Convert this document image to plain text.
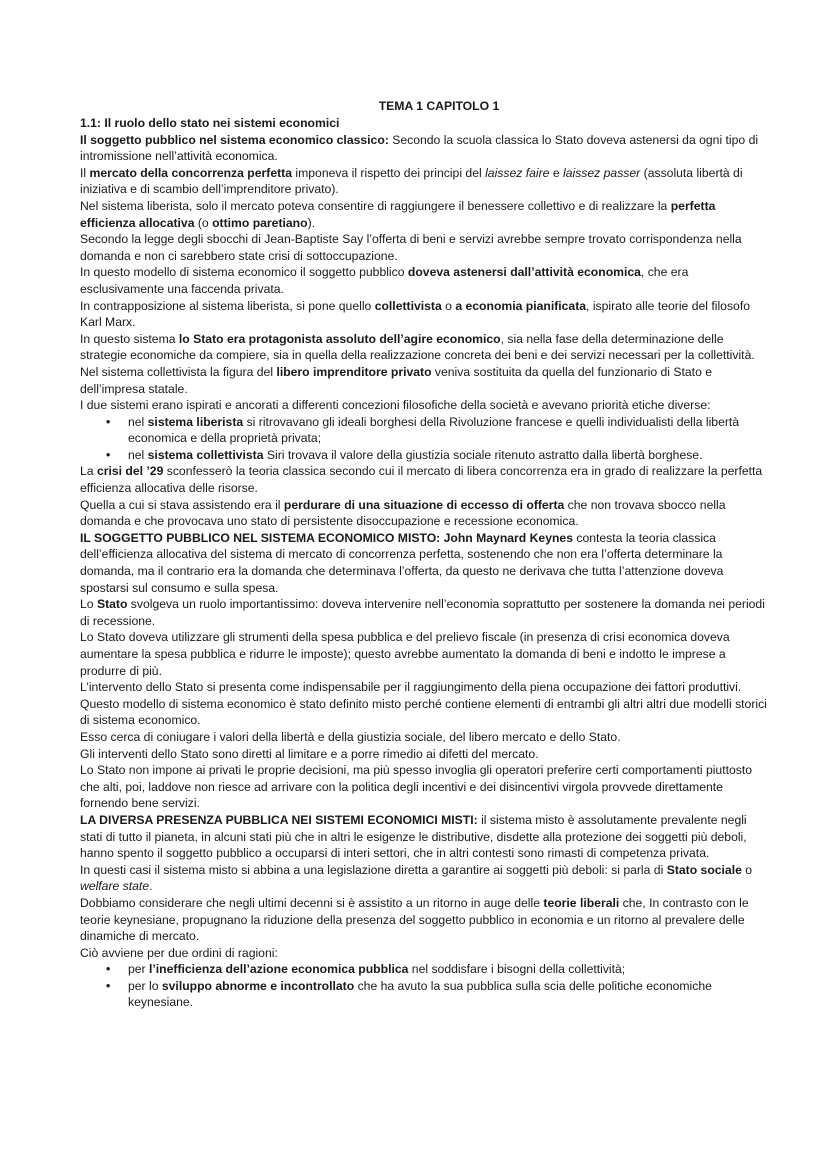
TEMA 1 CAPITOLO 1

1.1: Il ruolo dello stato nei sistemi economici

Il soggetto pubblico nel sistema economico classico: Secondo la scuola classica lo Stato doveva astenersi da ogni tipo di intromissione nell’attività economica.

Il mercato della concorrenza perfetta imponeva il rispetto dei principi del laissez faire e laissez passer (assoluta libertà di iniziativa e di scambio dell’imprenditore privato).

Nel sistema liberista, solo il mercato poteva consentire di raggiungere il benessere collettivo e di realizzare la perfetta efficienza allocativa (o ottimo paretiano).

Secondo la legge degli sbocchi di Jean-Baptiste Say l’offerta di beni e servizi avrebbe sempre trovato corrispondenza nella domanda e non ci sarebbero state crisi di sottoccupazione.

In questo modello di sistema economico il soggetto pubblico doveva astenersi dall’attività economica, che era esclusivamente una faccenda privata.

In contrapposizione al sistema liberista, si pone quello collettivista o a economia pianificata, ispirato alle teorie del filosofo Karl Marx.

In questo sistema lo Stato era protagonista assoluto dell’agire economico, sia nella fase della determinazione delle strategie economiche da compiere, sia in quella della realizzazione concreta dei beni e dei servizi necessari per la collettività.

Nel sistema collettivista la figura del libero imprenditore privato veniva sostituita da quella del funzionario di Stato e dell’impresa statale.

I due sistemi erano ispirati e ancorati a differenti concezioni filosofiche della società e avevano priorità etiche diverse:

•	nel sistema liberista si ritrovavano gli ideali borghesi della Rivoluzione francese e quelli individualisti della libertà economica e della proprietà privata;
•	nel sistema collettivista Siri trovava il valore della giustizia sociale ritenuto astratto dalla libertà borghese.

La crisi del ’29 sconfesserò la teoria classica secondo cui il mercato di libera concorrenza era in grado di realizzare la perfetta efficienza allocativa delle risorse.

Quella a cui si stava assistendo era il perdurare di una situazione di eccesso di offerta che non trovava sbocco nella domanda e che provocava uno stato di persistente disoccupazione e recessione economica.

IL SOGGETTO PUBBLICO NEL SISTEMA ECONOMICO MISTO: John Maynard Keynes contesta la teoria classica dell’efficienza allocativa del sistema di mercato di concorrenza perfetta, sostenendo che non era l’offerta determinare la domanda, ma il contrario era la domanda che determinava l’offerta, da questo ne derivava che tutta l’attenzione doveva spostarsi sul consumo e sulla spesa.

Lo Stato svolgeva un ruolo importantissimo: doveva intervenire nell’economia soprattutto per sostenere la domanda nei periodi di recessione.

Lo Stato doveva utilizzare gli strumenti della spesa pubblica e del prelievo fiscale (in presenza di crisi economica doveva aumentare la spesa pubblica e ridurre le imposte); questo avrebbe aumentato la domanda di beni e indotto le imprese a produrre di più.

L’intervento dello Stato si presenta come indispensabile per il raggiungimento della piena occupazione dei fattori produttivi.

Questo modello di sistema economico è stato definito misto perché contiene elementi di entrambi gli altri altri due modelli storici di sistema economico.

Esso cerca di coniugare i valori della libertà e della giustizia sociale, del libero mercato e dello Stato.

Gli interventi dello Stato sono diretti al limitare e a porre rimedio ai difetti del mercato.

Lo Stato non impone ai privati le proprie decisioni, ma più spesso invoglia gli operatori preferire certi comportamenti piuttosto che alti, poi, laddove non riesce ad arrivare con la politica degli incentivi e dei disincentivi virgola provvede direttamente fornendo bene servizi.

LA DIVERSA PRESENZA PUBBLICA NEI SISTEMI ECONOMICI MISTI: il sistema misto è assolutamente prevalente negli stati di tutto il pianeta, in alcuni stati più che in altri le esigenze le distributive, disdette alla protezione dei soggetti più deboli, hanno spento il soggetto pubblico a occuparsi di interi settori, che in altri contesti sono rimasti di competenza privata.

In questi casi il sistema misto si abbina a una legislazione diretta a garantire ai soggetti più deboli: si parla di Stato sociale o welfare state.

Dobbiamo considerare che negli ultimi decenni si è assistito a un ritorno in auge delle teorie liberali che, In contrasto con le teorie keynesiane, propugnano la riduzione della presenza del soggetto pubblico in economia e un ritorno al prevalere delle dinamiche di mercato.

Ciò avviene per due ordini di ragioni:

•	per l’inefficienza dell’azione economica pubblica nel soddisfare i bisogni della collettività;
•	per lo sviluppo abnorme e incontrollato che ha avuto la sua pubblica sulla scia delle politiche economiche keynesiane.
